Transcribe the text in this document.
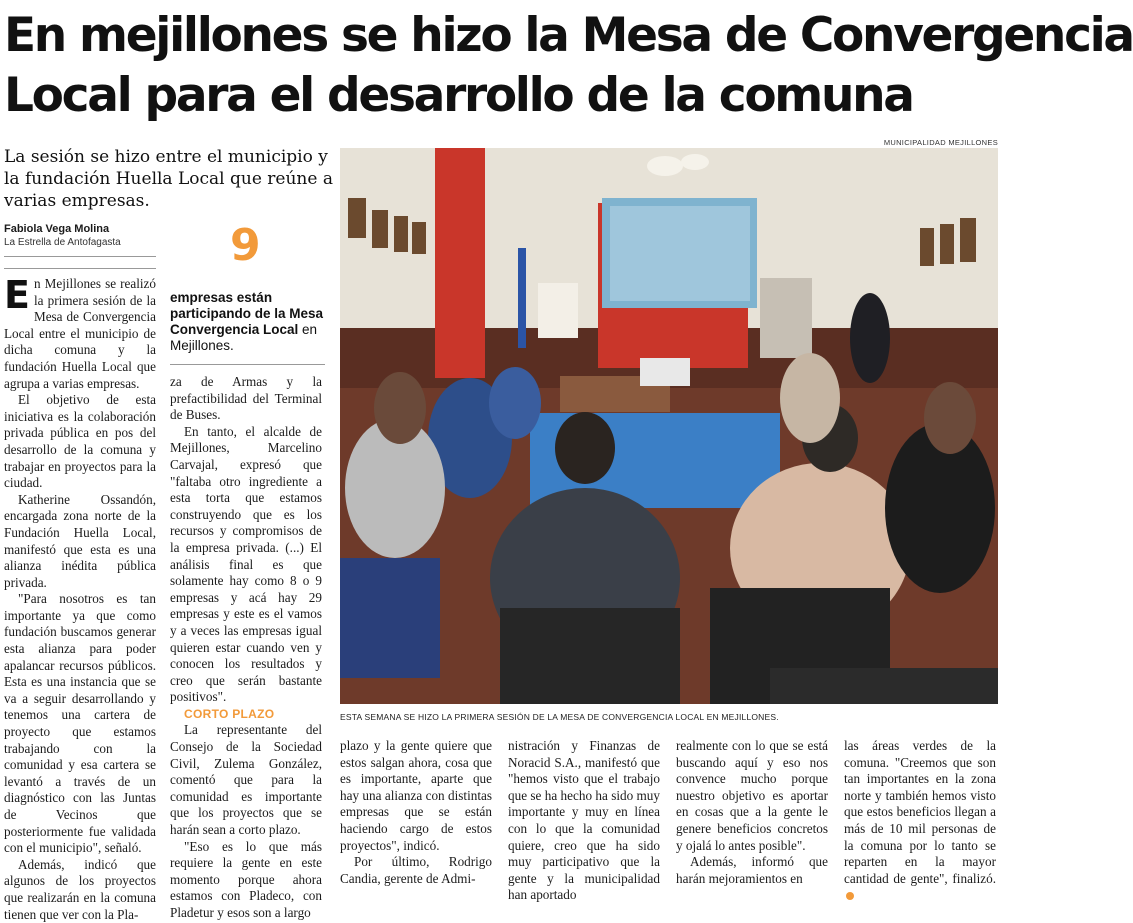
En mejillones se hizo la Mesa de Convergencia
Local para el desarrollo de la comuna
MUNICIPALIDAD MEJILLONES
La sesión se hizo entre el municipio y la fundación Huella Local que reúne a varias empresas.
Fabiola Vega Molina
La Estrella de Antofagasta 9
empresas están participando de la Mesa Convergencia Local en Mejillones.
ESTA SEMANA SE HIZO LA PRIMERA SESIÓN DE LA MESA DE CONVERGENCIA LOCAL EN MEJILLONES.

En Mejillones se realizó la primera sesión de la Mesa de Convergencia Local entre el municipio de dicha comuna y la fundación Huella Local que agrupa a varias empresas.

El objetivo de esta iniciativa es la colaboración privada pública en pos del desarrollo de la comuna y trabajar en proyectos para la ciudad.

Katherine Ossandón, encargada zona norte de la Fundación Huella Local, manifestó que esta es una alianza inédita pública privada.

"Para nosotros es tan importante ya que como fundación buscamos generar esta alianza para poder apalancar recursos públicos. Esta es una instancia que se va a seguir desarrollando y tenemos una cartera de proyecto que estamos trabajando con la comunidad y esa cartera se levantó a través de un diagnóstico con las Juntas de Vecinos que posteriormente fue validada con el municipio", señaló.

Además, indicó que algunos de los proyectos que realizarán en la comuna tienen que ver con la Pla-

za de Armas y la prefactibilidad del Terminal de Buses.

En tanto, el alcalde de Mejillones, Marcelino Carvajal, expresó que "faltaba otro ingrediente a esta torta que estamos construyendo que es los recursos y compromisos de la empresa privada. (...) El análisis final es que solamente hay como 8 o 9 empresas y acá hay 29 empresas y este es el vamos y a veces las empresas igual quieren estar cuando ven y conocen los resultados y creo que serán bastante positivos".

CORTO PLAZO

La representante del Consejo de la Sociedad Civil, Zulema González, comentó que para la comunidad es importante que los proyectos que se harán sean a corto plazo.

"Eso es lo que más requiere la gente en este momento porque ahora estamos con Pladeco, con Pladetur y esos son a largo

plazo y la gente quiere que estos salgan ahora, cosa que es importante, aparte que hay una alianza con distintas empresas que se están haciendo cargo de estos proyectos", indicó.

Por último, Rodrigo Candia, gerente de Admi-

nistración y Finanzas de Noracid S.A., manifestó que "hemos visto que el trabajo que se ha hecho ha sido muy importante y muy en línea con lo que la comunidad quiere, creo que ha sido muy participativo que la gente y la municipalidad han aportado

realmente con lo que se está buscando aquí y eso nos convence mucho porque nuestro objetivo es aportar en cosas que a la gente le genere beneficios concretos y ojalá lo antes posible".

Además, informó que harán mejoramientos en

las áreas verdes de la comuna. "Creemos que son tan importantes en la zona norte y también hemos visto que estos beneficios llegan a más de 10 mil personas de la comuna por lo tanto se reparten en la mayor cantidad de gente", finalizó.
